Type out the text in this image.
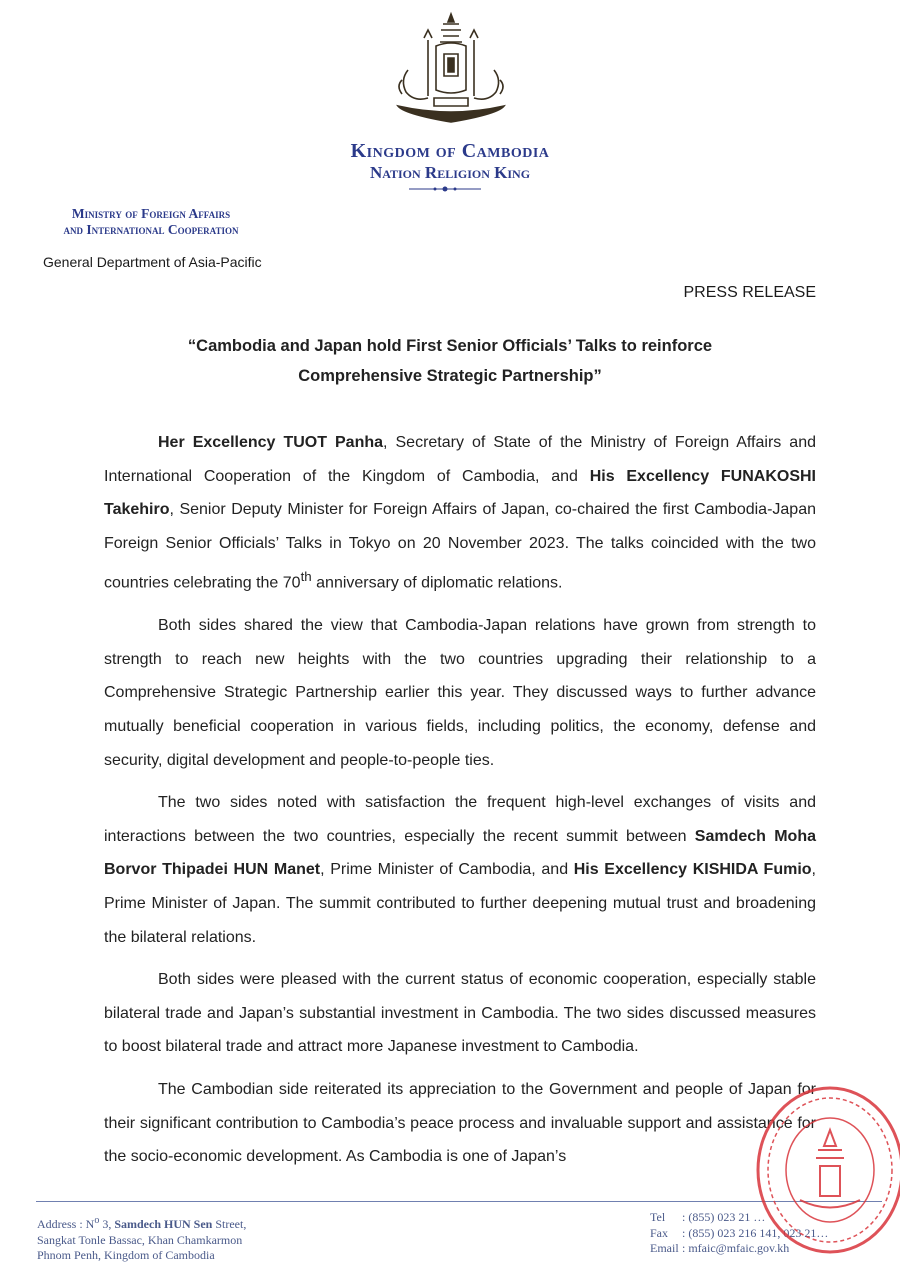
Kingdom of Cambodia
Nation Religion King
Ministry of Foreign Affairs
and International Cooperation
General Department of Asia-Pacific
PRESS RELEASE
“Cambodia and Japan hold First Senior Officials’ Talks to reinforce
Comprehensive Strategic Partnership”

Her Excellency TUOT Panha, Secretary of State of the Ministry of Foreign Affairs and International Cooperation of the Kingdom of Cambodia, and His Excellency FUNAKOSHI Takehiro, Senior Deputy Minister for Foreign Affairs of Japan, co-chaired the first Cambodia-Japan Foreign Senior Officials’ Talks in Tokyo on 20 November 2023. The talks coincided with the two countries celebrating the 70th anniversary of diplomatic relations.

Both sides shared the view that Cambodia-Japan relations have grown from strength to strength to reach new heights with the two countries upgrading their relationship to a Comprehensive Strategic Partnership earlier this year. They discussed ways to further advance mutually beneficial cooperation in various fields, including politics, the economy, defense and security, digital development and people-to-people ties.

The two sides noted with satisfaction the frequent high-level exchanges of visits and interactions between the two countries, especially the recent summit between Samdech Moha Borvor Thipadei HUN Manet, Prime Minister of Cambodia, and His Excellency KISHIDA Fumio, Prime Minister of Japan. The summit contributed to further deepening mutual trust and broadening the bilateral relations.

Both sides were pleased with the current status of economic cooperation, especially stable bilateral trade and Japan’s substantial investment in Cambodia. The two sides discussed measures to boost bilateral trade and attract more Japanese investment to Cambodia.

The Cambodian side reiterated its appreciation to the Government and people of Japan for their significant contribution to Cambodia’s peace process and invaluable support and assistance for the socio-economic development. As Cambodia is one of Japan’s

Address : $N^o$ 3, Samdech HUN Sen Street,
Sangkat Tonle Bassac, Khan Chamkarmon
Phnom Penh, Kingdom of Cambodia
Tel : (855) 023 21 …
Fax : (855) 023 216 141, 023 21…
Email : mfaic@mfaic.gov.kh
